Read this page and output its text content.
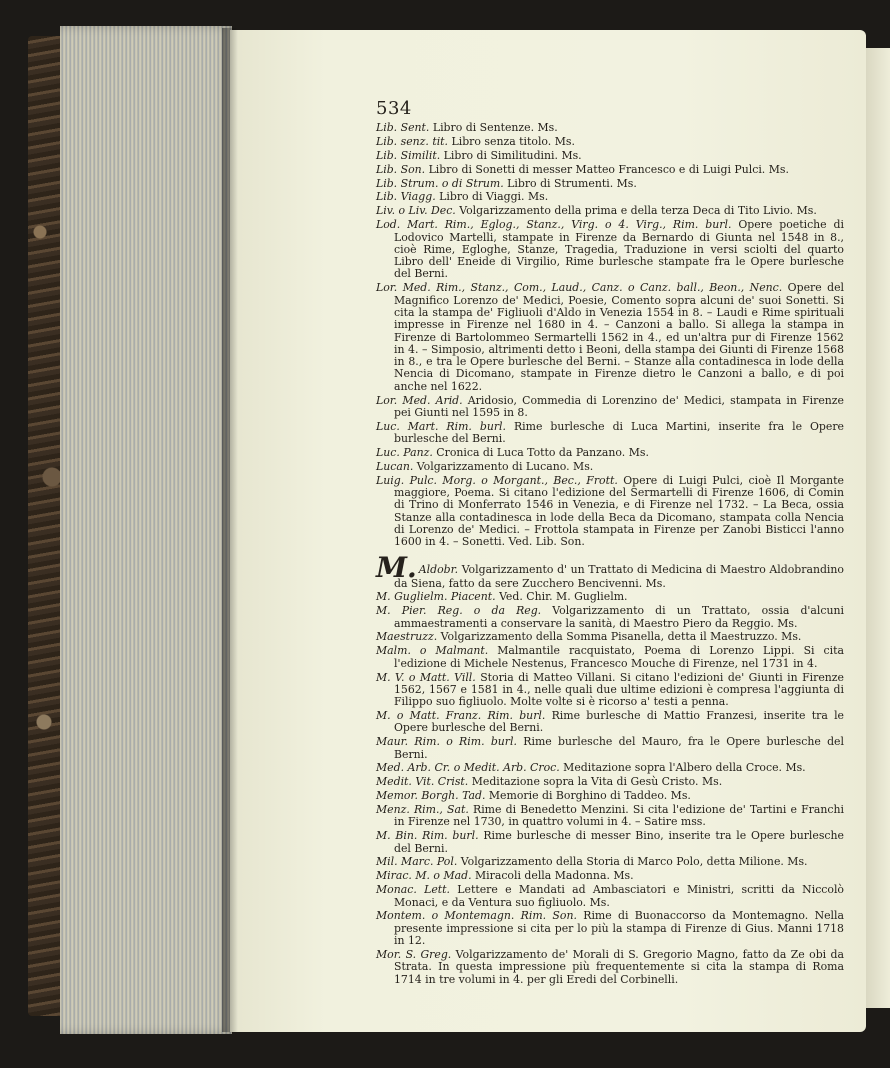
534

Lib. Sent. Libro di Sentenze. Ms.

Lib. senz. tit. Libro senza titolo. Ms.

Lib. Similit. Libro di Similitudini. Ms.

Lib. Son. Libro di Sonetti di messer Matteo Francesco e di Luigi Pulci. Ms.

Lib. Strum. o di Strum. Libro di Strumenti. Ms.

Lib. Viagg. Libro di Viaggi. Ms.

Liv. o Liv. Dec. Volgarizzamento della prima e della terza Deca di Tito Livio. Ms.

Lod. Mart. Rim., Eglog., Stanz., Virg. o 4. Virg., Rim. burl. Opere poetiche di Lodovico Martelli, stampate in Firenze da Bernardo di Giunta nel 1548 in 8., cioè Rime, Egloghe, Stanze, Tragedia, Traduzione in versi sciolti del quarto Libro dell' Eneide di Virgilio, Rime burlesche stampate fra le Opere burlesche del Berni.

Lor. Med. Rim., Stanz., Com., Laud., Canz. o Canz. ball., Beon., Nenc. Opere del Magnifico Lorenzo de' Medici, Poesie, Comento sopra alcuni de' suoi Sonetti. Si cita la stampa de' Figliuoli d'Aldo in Venezia 1554 in 8. – Laudi e Rime spirituali impresse in Firenze nel 1680 in 4. – Canzoni a ballo. Si allega la stampa in Firenze di Bartolommeo Sermartelli 1562 in 4., ed un'altra pur di Firenze 1562 in 4. – Simposio, altrimenti detto i Beoni, della stampa dei Giunti di Firenze 1568 in 8., e tra le Opere burlesche del Berni. – Stanze alla contadinesca in lode della Nencia di Dicomano, stampate in Firenze dietro le Canzoni a ballo, e di poi anche nel 1622.

Lor. Med. Arid. Aridosio, Commedia di Lorenzino de' Medici, stampata in Firenze pei Giunti nel 1595 in 8.

Luc. Mart. Rim. burl. Rime burlesche di Luca Martini, inserite fra le Opere burlesche del Berni.

Luc. Panz. Cronica di Luca Totto da Panzano. Ms.

Lucan. Volgarizzamento di Lucano. Ms.

Luig. Pulc. Morg. o Morgant., Bec., Frott. Opere di Luigi Pulci, cioè Il Morgante maggiore, Poema. Si citano l'edizione del Sermartelli di Firenze 1606, di Comin di Trino di Monferrato 1546 in Venezia, e di Firenze nel 1732. – La Beca, ossia Stanze alla contadinesca in lode della Beca da Dicomano, stampata colla Nencia di Lorenzo de' Medici. – Frottola stampata in Firenze per Zanobi Bisticci l'anno 1600 in 4. – Sonetti. Ved. Lib. Son.

M. Aldobr. Volgarizzamento d' un Trattato di Medicina di Maestro Aldobrandino da Siena, fatto da sere Zucchero Bencivenni. Ms.

M. Guglielm. Piacent. Ved. Chir. M. Guglielm.

M. Pier. Reg. o da Reg. Volgarizzamento di un Trattato, ossia d'alcuni ammaestramenti a conservare la sanità, di Maestro Piero da Reggio. Ms.

Maestruzz. Volgarizzamento della Somma Pisanella, detta il Maestruzzo. Ms.

Malm. o Malmant. Malmantile racquistato, Poema di Lorenzo Lippi. Si cita l'edizione di Michele Nestenus, Francesco Mouche di Firenze, nel 1731 in 4.

M. V. o Matt. Vill. Storia di Matteo Villani. Si citano l'edizioni de' Giunti in Firenze 1562, 1567 e 1581 in 4., nelle quali due ultime edizioni è compresa l'aggiunta di Filippo suo figliuolo. Molte volte si è ricorso a' testi a penna.

M. o Matt. Franz. Rim. burl. Rime burlesche di Mattio Franzesi, inserite tra le Opere burlesche del Berni.

Maur. Rim. o Rim. burl. Rime burlesche del Mauro, fra le Opere burlesche del Berni.

Med. Arb. Cr. o Medit. Arb. Croc. Meditazione sopra l'Albero della Croce. Ms.

Medit. Vit. Crist. Meditazione sopra la Vita di Gesù Cristo. Ms.

Memor. Borgh. Tad. Memorie di Borghino di Taddeo. Ms.

Menz. Rim., Sat. Rime di Benedetto Menzini. Si cita l'edizione de' Tartini e Franchi in Firenze nel 1730, in quattro volumi in 4. – Satire mss.

M. Bin. Rim. burl. Rime burlesche di messer Bino, inserite tra le Opere burlesche del Berni.

Mil. Marc. Pol. Volgarizzamento della Storia di Marco Polo, detta Milione. Ms.

Mirac. M. o Mad. Miracoli della Madonna. Ms.

Monac. Lett. Lettere e Mandati ad Ambasciatori e Ministri, scritti da Niccolò Monaci, e da Ventura suo figliuolo. Ms.

Montem. o Montemagn. Rim. Son. Rime di Buonaccorso da Montemagno. Nella presente impressione si cita per lo più la stampa di Firenze di Gius. Manni 1718 in 12.

Mor. S. Greg. Volgarizzamento de' Morali di S. Gregorio Magno, fatto da Ze obi da Strata. In questa impressione più frequentemente si cita la stampa di Roma 1714 in tre volumi in 4. per gli Eredi del Corbinelli.
